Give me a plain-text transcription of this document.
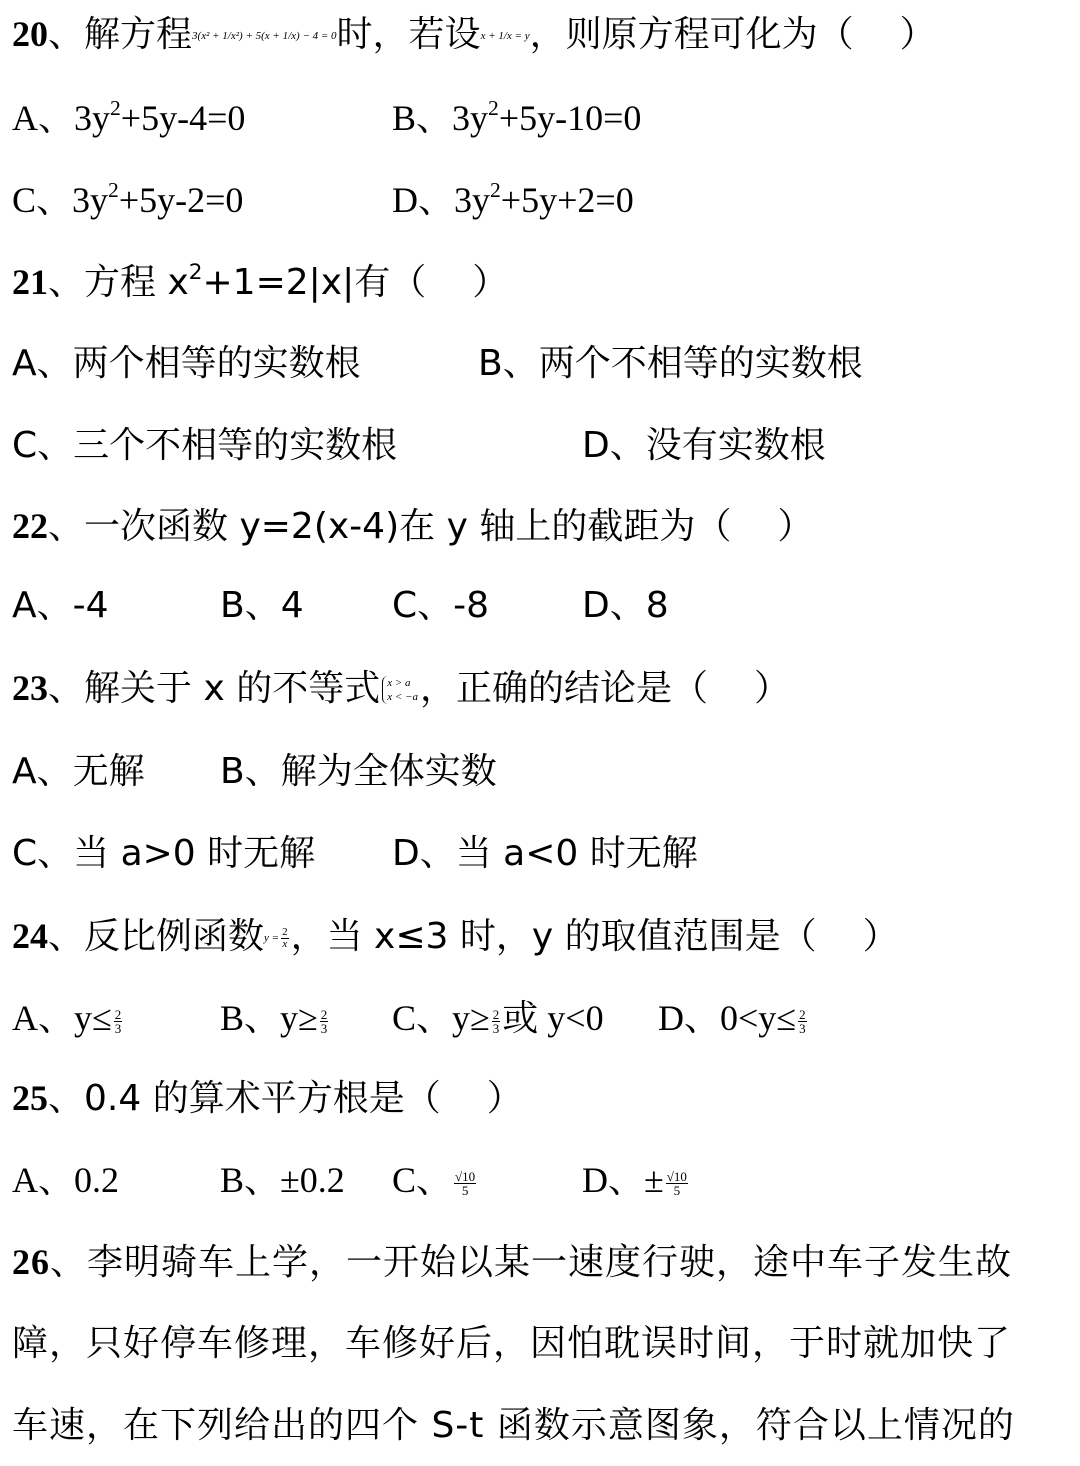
20、解方程3(x² + 1/x²) + 5(x + 1/x) − 4 = 0时，若设x + 1/x = y，则原方程可化为（ ）
A、$3y^2+5y-4=0$	B、$3y^2+5y-10=0$
C、$3y^2+5y-2=0$	D、$3y^2+5y+2=0$
21、方程 $x^2+1=2|x|$有（ ）
A、两个相等的实数根	B、两个不相等的实数根
C、三个不相等的实数根	D、没有实数根
22、一次函数 y=2(x-4)在 y 轴上的截距为（ ）
A、-4	B、4 C、-8	D、8
23、解关于 x 的不等式 x > a
x < −a ，正确的结论是（ ）
A、无解 B、解为全体实数
C、当 a>0 时无解 D、当 a<0 时无解
24、反比例函数$y = \frac{2}{x}$ ，当 x≤3 时，y 的取值范围是（ ）
A、$y\le \frac{2}{3}$	B、$y\ge \frac{2}{3}$ C、$y\ge \frac{2}{3}$ 或 y<0 D、$0<y\le \frac{2}{3}$
25、0.4 的算术平方根是（ ）
A、0.2	B、±0.2 C、 $\frac{√10}{5}$	D、± $\frac{√10}{5}$
26、李明骑车上学，一开始以某一速度行驶，途中车子发生故
障，只好停车修理，车修好后，因怕耽误时间，于时就加快了
车速，在下列给出的四个 S-t 函数示意图象，符合以上情况的
